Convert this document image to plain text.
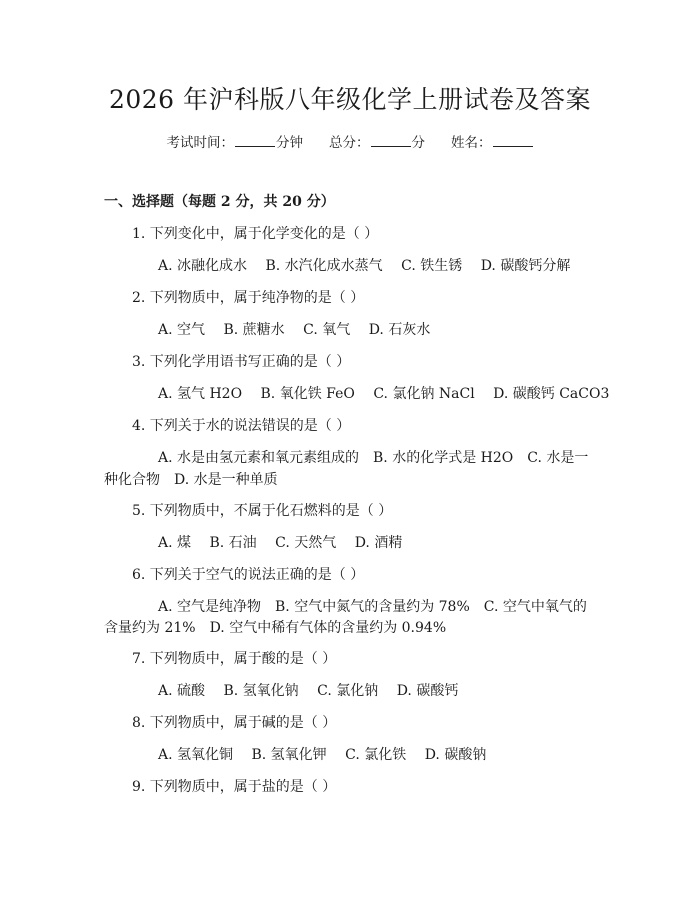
2026 年沪科版八年级化学上册试卷及答案
考试时间：	分钟 总分：	分 姓名：
一、选择题（每题 2 分，共 20 分）
1. 下列变化中，属于化学变化的是（ ）
A. 冰融化成水 B. 水汽化成水蒸气 C. 铁生锈 D. 碳酸钙分解
2. 下列物质中，属于纯净物的是（ ）
A. 空气 B. 蔗糖水 C. 氧气 D. 石灰水
3. 下列化学用语书写正确的是（ ）
A. 氢气 H2O B. 氧化铁 FeO C. 氯化钠 NaCl D. 碳酸钙 CaCO3
4. 下列关于水的说法错误的是（ ）
A. 水是由氢元素和氧元素组成的　B. 水的化学式是 H2O　C. 水是一
种化合物　D. 水是一种单质
5. 下列物质中，不属于化石燃料的是（ ）
A. 煤 B. 石油 C. 天然气 D. 酒精
6. 下列关于空气的说法正确的是（ ）
A. 空气是纯净物　B. 空气中氮气的含量约为 78%　C. 空气中氧气的
含量约为 21%　D. 空气中稀有气体的含量约为 0.94%
7. 下列物质中，属于酸的是（ ）
A. 硫酸 B. 氢氧化钠 C. 氯化钠 D. 碳酸钙
8. 下列物质中，属于碱的是（ ）
A. 氢氧化铜 B. 氢氧化钾 C. 氯化铁 D. 碳酸钠
9. 下列物质中，属于盐的是（ ）
